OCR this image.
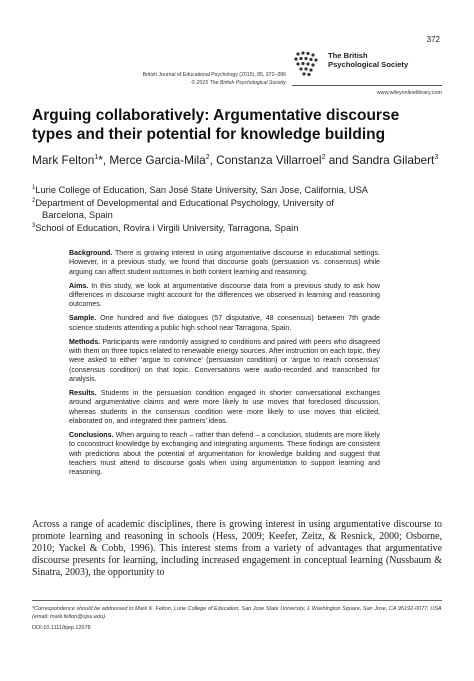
372
British Journal of Educational Psychology (2015), 85, 372–386
© 2015 The British Psychological Society
The British
Psychological Society
www.wileyonlinelibrary.com
Arguing collaboratively: Argumentative discourse types and their potential for knowledge building
Mark Felton$^1$*, Merce Garcia-Mila$^2$, Constanza Villarroel$^2$ and Sandra Gilabert$^3$
$^1$Lurie College of Education, San José State University, San Jose, California, USA
$^2$Department of Developmental and Educational Psychology, University of
Barcelona, Spain
$^3$School of Education, Rovira i Virgili University, Tarragona, Spain

Background. There is growing interest in using argumentative discourse in educational settings. However, in a previous study, we found that discourse goals (persuasion vs. consensus) while arguing can affect student outcomes in both content learning and reasoning.

Aims. In this study, we look at argumentative discourse data from a previous study to ask how differences in discourse might account for the differences we observed in learning and reasoning outcomes.

Sample. One hundred and five dialogues (57 disputative, 48 consensus) between 7th grade science students attending a public high school near Tarragona, Spain.

Methods. Participants were randomly assigned to conditions and paired with peers who disagreed with them on three topics related to renewable energy sources. After instruction on each topic, they were asked to either ‘argue to convince’ (persuasion condition) or ‘argue to reach consensus’ (consensus condition) on that topic. Conversations were audio-recorded and transcribed for analysis.

Results. Students in the persuasion condition engaged in shorter conversational exchanges around argumentative claims and were more likely to use moves that foreclosed discussion, whereas students in the consensus condition were more likely to use moves that elicited, elaborated on, and integrated their partners’ ideas.

Conclusions. When arguing to reach – rather than defend – a conclusion, students are more likely to coconstruct knowledge by exchanging and integrating arguments. These findings are consistent with predictions about the potential of argumentation for knowledge building and suggest that teachers must attend to discourse goals when using argumentation to support learning and reasoning.

Across a range of academic disciplines, there is growing interest in using argumentative discourse to promote learning and reasoning in schools (Hess, 2009; Keefer, Zeitz, & Resnick, 2000; Osborne, 2010; Yackel & Cobb, 1996). This interest stems from a variety of advantages that argumentative discourse presents for learning, including increased engagement in conceptual learning (Nussbaum & Sinatra, 2003), the opportunity to
*Correspondence should be addressed to Mark K. Felton, Lurie College of Education, San Jose State University, 1 Washington Square, San Jose, CA 95192-0077, USA (email: mark.felton@sjsu.edu).
DOI:10.1111/bjep.12078
